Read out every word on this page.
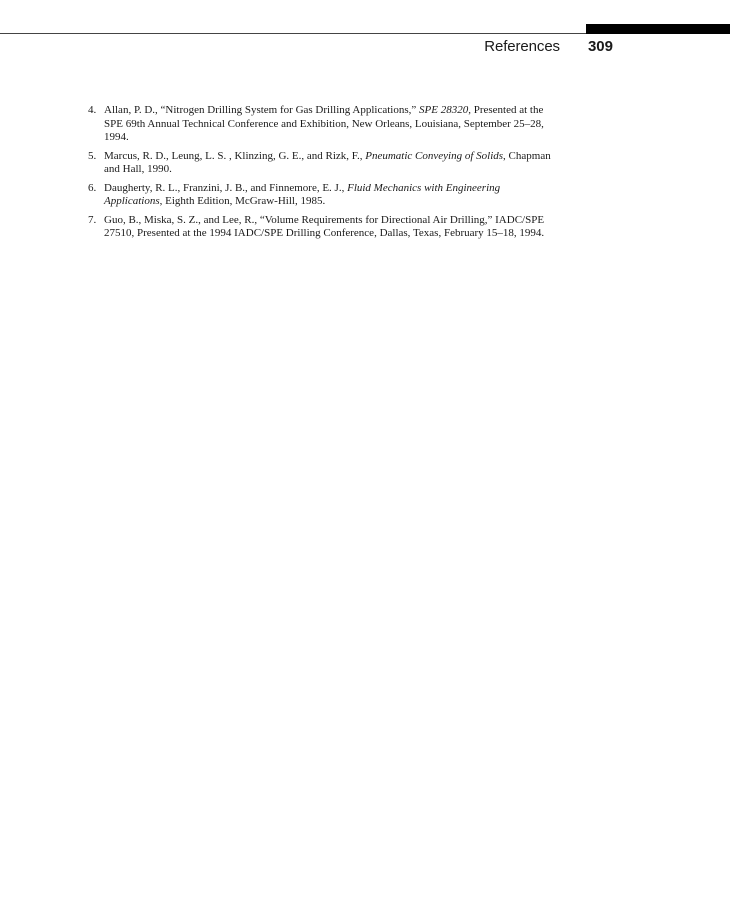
References 309
4. Allan, P. D., “Nitrogen Drilling System for Gas Drilling Applications,” SPE 28320, Presented at the SPE 69th Annual Technical Conference and Exhibition, New Orleans, Louisiana, September 25–28, 1994.
5. Marcus, R. D., Leung, L. S. , Klinzing, G. E., and Rizk, F., Pneumatic Conveying of Solids, Chapman and Hall, 1990.
6. Daugherty, R. L., Franzini, J. B., and Finnemore, E. J., Fluid Mechanics with Engineering Applications, Eighth Edition, McGraw-Hill, 1985.
7. Guo, B., Miska, S. Z., and Lee, R., “Volume Requirements for Directional Air Drilling,” IADC/SPE 27510, Presented at the 1994 IADC/SPE Drilling Conference, Dallas, Texas, February 15–18, 1994.
